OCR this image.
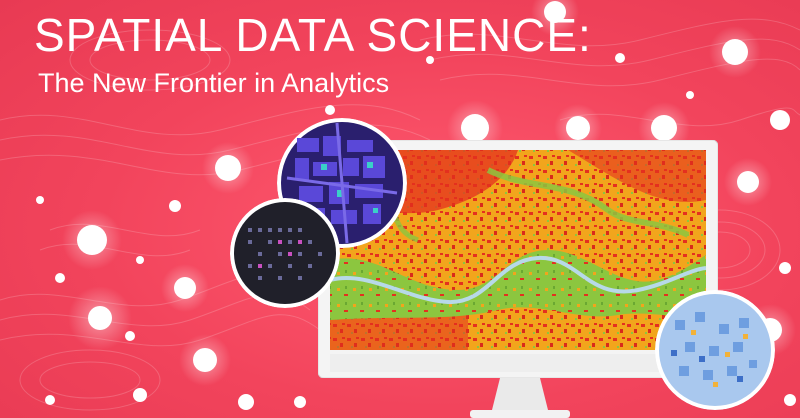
SPATIAL DATA SCIENCE:
The New Frontier in Analytics
